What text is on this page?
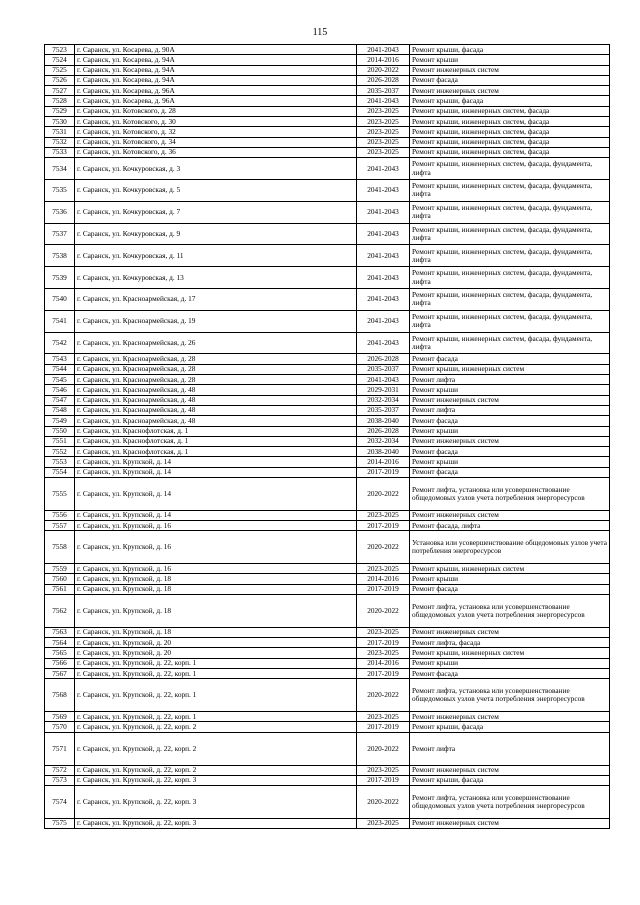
115
7523	г. Саранск, ул. Косарева, д. 90А	2041-2043	Ремонт крыши, фасада
7524	г. Саранск, ул. Косарева, д. 94А	2014-2016	Ремонт крыши
7525	г. Саранск, ул. Косарева, д. 94А	2020-2022	Ремонт инженерных систем
7526	г. Саранск, ул. Косарева, д. 94А	2026-2028	Ремонт фасада
7527	г. Саранск, ул. Косарева, д. 96А	2035-2037	Ремонт инженерных систем
7528	г. Саранск, ул. Косарева, д. 96А	2041-2043	Ремонт крыши, фасада
7529	г. Саранск, ул. Котовского, д. 28	2023-2025	Ремонт крыши, инженерных систем, фасада
7530	г. Саранск, ул. Котовского, д. 30	2023-2025	Ремонт крыши, инженерных систем, фасада
7531	г. Саранск, ул. Котовского, д. 32	2023-2025	Ремонт крыши, инженерных систем, фасада
7532	г. Саранск, ул. Котовского, д. 34	2023-2025	Ремонт крыши, инженерных систем, фасада
7533	г. Саранск, ул. Котовского, д. 36	2023-2025	Ремонт крыши, инженерных систем, фасада
7534	г. Саранск, ул. Кочкуровская, д. 3	2041-2043	Ремонт крыши, инженерных систем, фасада, фундамента, лифта
7535	г. Саранск, ул. Кочкуровская, д. 5	2041-2043	Ремонт крыши, инженерных систем, фасада, фундамента, лифта
7536	г. Саранск, ул. Кочкуровская, д. 7	2041-2043	Ремонт крыши, инженерных систем, фасада, фундамента, лифта
7537	г. Саранск, ул. Кочкуровская, д. 9	2041-2043	Ремонт крыши, инженерных систем, фасада, фундамента, лифта
7538	г. Саранск, ул. Кочкуровская, д. 11	2041-2043	Ремонт крыши, инженерных систем, фасада, фундамента, лифта
7539	г. Саранск, ул. Кочкуровская, д. 13	2041-2043	Ремонт крыши, инженерных систем, фасада, фундамента, лифта
7540	г. Саранск, ул. Красноармейская, д. 17	2041-2043	Ремонт крыши, инженерных систем, фасада, фундамента, лифта
7541	г. Саранск, ул. Красноармейская, д. 19	2041-2043	Ремонт крыши, инженерных систем, фасада, фундамента, лифта
7542	г. Саранск, ул. Красноармейская, д. 26	2041-2043	Ремонт крыши, инженерных систем, фасада, фундамента, лифта
7543	г. Саранск, ул. Красноармейская, д. 28	2026-2028	Ремонт фасада
7544	г. Саранск, ул. Красноармейская, д. 28	2035-2037	Ремонт крыши, инженерных систем
7545	г. Саранск, ул. Красноармейская, д. 28	2041-2043	Ремонт лифта
7546	г. Саранск, ул. Красноармейская, д. 48	2029-2031	Ремонт крыши
7547	г. Саранск, ул. Красноармейская, д. 48	2032-2034	Ремонт инженерных систем
7548	г. Саранск, ул. Красноармейская, д. 48	2035-2037	Ремонт лифта
7549	г. Саранск, ул. Красноармейская, д. 48	2038-2040	Ремонт фасада
7550	г. Саранск, ул. Краснофлотская, д. 1	2026-2028	Ремонт крыши
7551	г. Саранск, ул. Краснофлотская, д. 1	2032-2034	Ремонт инженерных систем
7552	г. Саранск, ул. Краснофлотская, д. 1	2038-2040	Ремонт фасада
7553	г. Саранск, ул. Крупской, д. 14	2014-2016	Ремонт крыши
7554	г. Саранск, ул. Крупской, д. 14	2017-2019	Ремонт фасада
7555	г. Саранск, ул. Крупской, д. 14	2020-2022	Ремонт лифта, установка или усовершенствование общедомовых узлов учета потребления энергоресурсов
7556	г. Саранск, ул. Крупской, д. 14	2023-2025	Ремонт инженерных систем
7557	г. Саранск, ул. Крупской, д. 16	2017-2019	Ремонт фасада, лифта
7558	г. Саранск, ул. Крупской, д. 16	2020-2022	Установка или усовершенствование общедомовых узлов учета потребления энергоресурсов
7559	г. Саранск, ул. Крупской, д. 16	2023-2025	Ремонт крыши, инженерных систем
7560	г. Саранск, ул. Крупской, д. 18	2014-2016	Ремонт крыши
7561	г. Саранск, ул. Крупской, д. 18	2017-2019	Ремонт фасада
7562	г. Саранск, ул. Крупской, д. 18	2020-2022	Ремонт лифта, установка или усовершенствование общедомовых узлов учета потребления энергоресурсов
7563	г. Саранск, ул. Крупской, д. 18	2023-2025	Ремонт инженерных систем
7564	г. Саранск, ул. Крупской, д. 20	2017-2019	Ремонт лифта, фасада
7565	г. Саранск, ул. Крупской, д. 20	2023-2025	Ремонт крыши, инженерных систем
7566	г. Саранск, ул. Крупской, д. 22, корп. 1	2014-2016	Ремонт крыши
7567	г. Саранск, ул. Крупской, д. 22, корп. 1	2017-2019	Ремонт фасада
7568	г. Саранск, ул. Крупской, д. 22, корп. 1	2020-2022	Ремонт лифта, установка или усовершенствование общедомовых узлов учета потребления энергоресурсов
7569	г. Саранск, ул. Крупской, д. 22, корп. 1	2023-2025	Ремонт инженерных систем
7570	г. Саранск, ул. Крупской, д. 22, корп. 2	2017-2019	Ремонт крыши, фасада
7571	г. Саранск, ул. Крупской, д. 22, корп. 2	2020-2022	Ремонт лифта
7572	г. Саранск, ул. Крупской, д. 22, корп. 2	2023-2025	Ремонт инженерных систем
7573	г. Саранск, ул. Крупской, д. 22, корп. 3	2017-2019	Ремонт крыши, фасада
7574	г. Саранск, ул. Крупской, д. 22, корп. 3	2020-2022	Ремонт лифта, установка или усовершенствование общедомовых узлов учета потребления энергоресурсов
7575	г. Саранск, ул. Крупской, д. 22, корп. 3	2023-2025	Ремонт инженерных систем
